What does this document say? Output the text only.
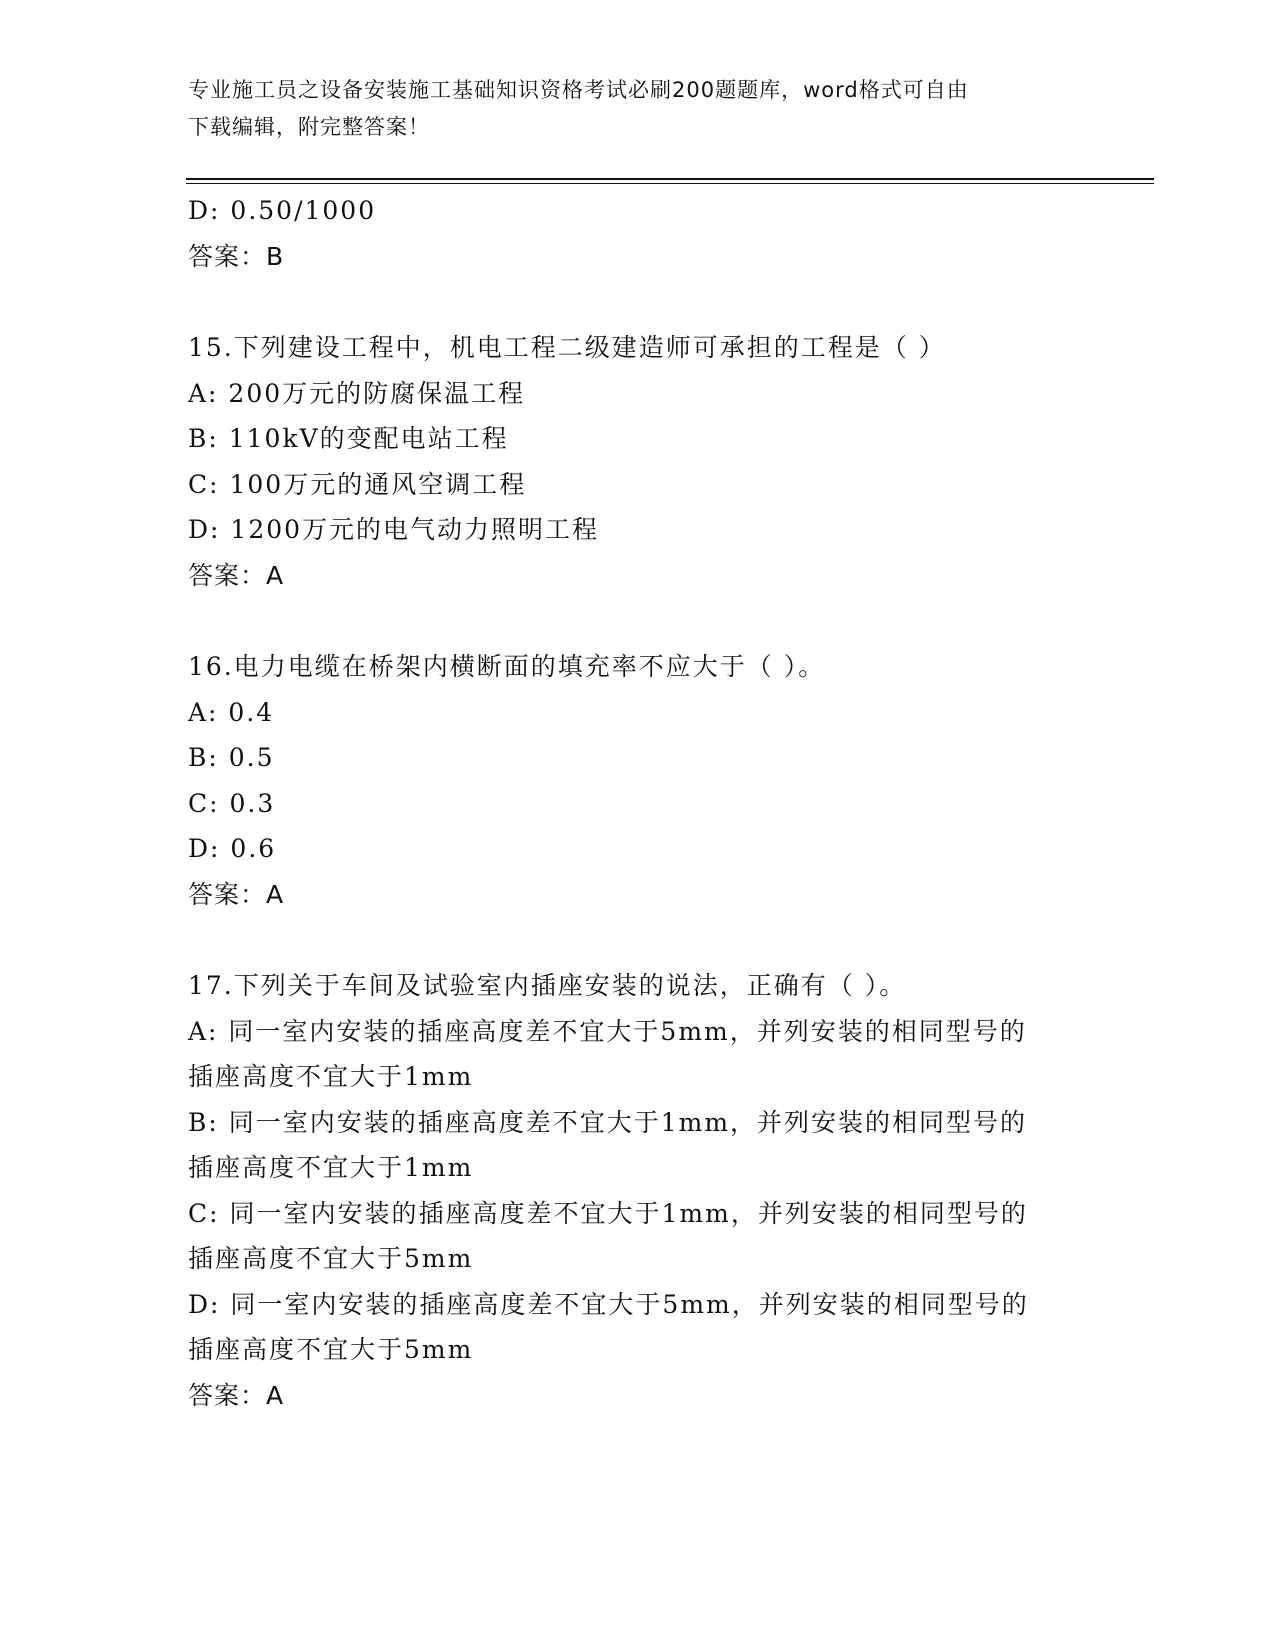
专业施工员之设备安装施工基础知识资格考试必刷200题题库，word格式可自由
下载编辑，附完整答案！
D: 0.50/1000
答案：B
15.下列建设工程中，机电工程二级建造师可承担的工程是（ ）
A: 200万元的防腐保温工程
B: 110kV的变配电站工程
C: 100万元的通风空调工程
D: 1200万元的电气动力照明工程
答案：A
16.电力电缆在桥架内横断面的填充率不应大于（ ）。
A: 0.4
B: 0.5
C: 0.3
D: 0.6
答案：A
17.下列关于车间及试验室内插座安装的说法，正确有（ ）。
A: 同一室内安装的插座高度差不宜大于5mm，并列安装的相同型号的
插座高度不宜大于1mm
B: 同一室内安装的插座高度差不宜大于1mm，并列安装的相同型号的
插座高度不宜大于1mm
C: 同一室内安装的插座高度差不宜大于1mm，并列安装的相同型号的
插座高度不宜大于5mm
D: 同一室内安装的插座高度差不宜大于5mm，并列安装的相同型号的
插座高度不宜大于5mm
答案：A
